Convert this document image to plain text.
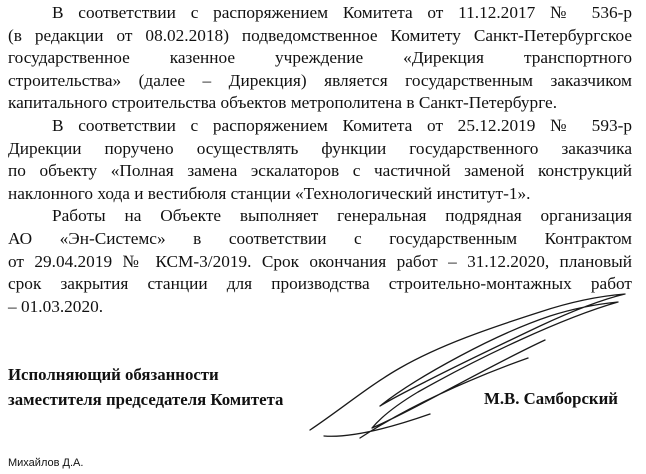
В соответствии с распоряжением Комитета от 11.12.2017 № 536-р
(в редакции от 08.02.2018) подведомственное Комитету Санкт-Петербургское
государственное казенное учреждение «Дирекция транспортного
строительства» (далее – Дирекция) является государственным заказчиком
капитального строительства объектов метрополитена в Санкт-Петербурге.

В соответствии с распоряжением Комитета от 25.12.2019 № 593-р
Дирекции поручено осуществлять функции государственного заказчика
по объекту «Полная замена эскалаторов с частичной заменой конструкций
наклонного хода и вестибюля станции «Технологический институт-1».

Работы на Объекте выполняет генеральная подрядная организация
АО «Эн-Системс» в соответствии с государственным Контрактом
от 29.04.2019 № КСМ-3/2019. Срок окончания работ – 31.12.2020, плановый
срок закрытия станции для производства строительно-монтажных работ
– 01.03.2020.

Исполняющий обязанности
заместителя председателя Комитета	М.В. Самборский
Михайлов Д.А.
